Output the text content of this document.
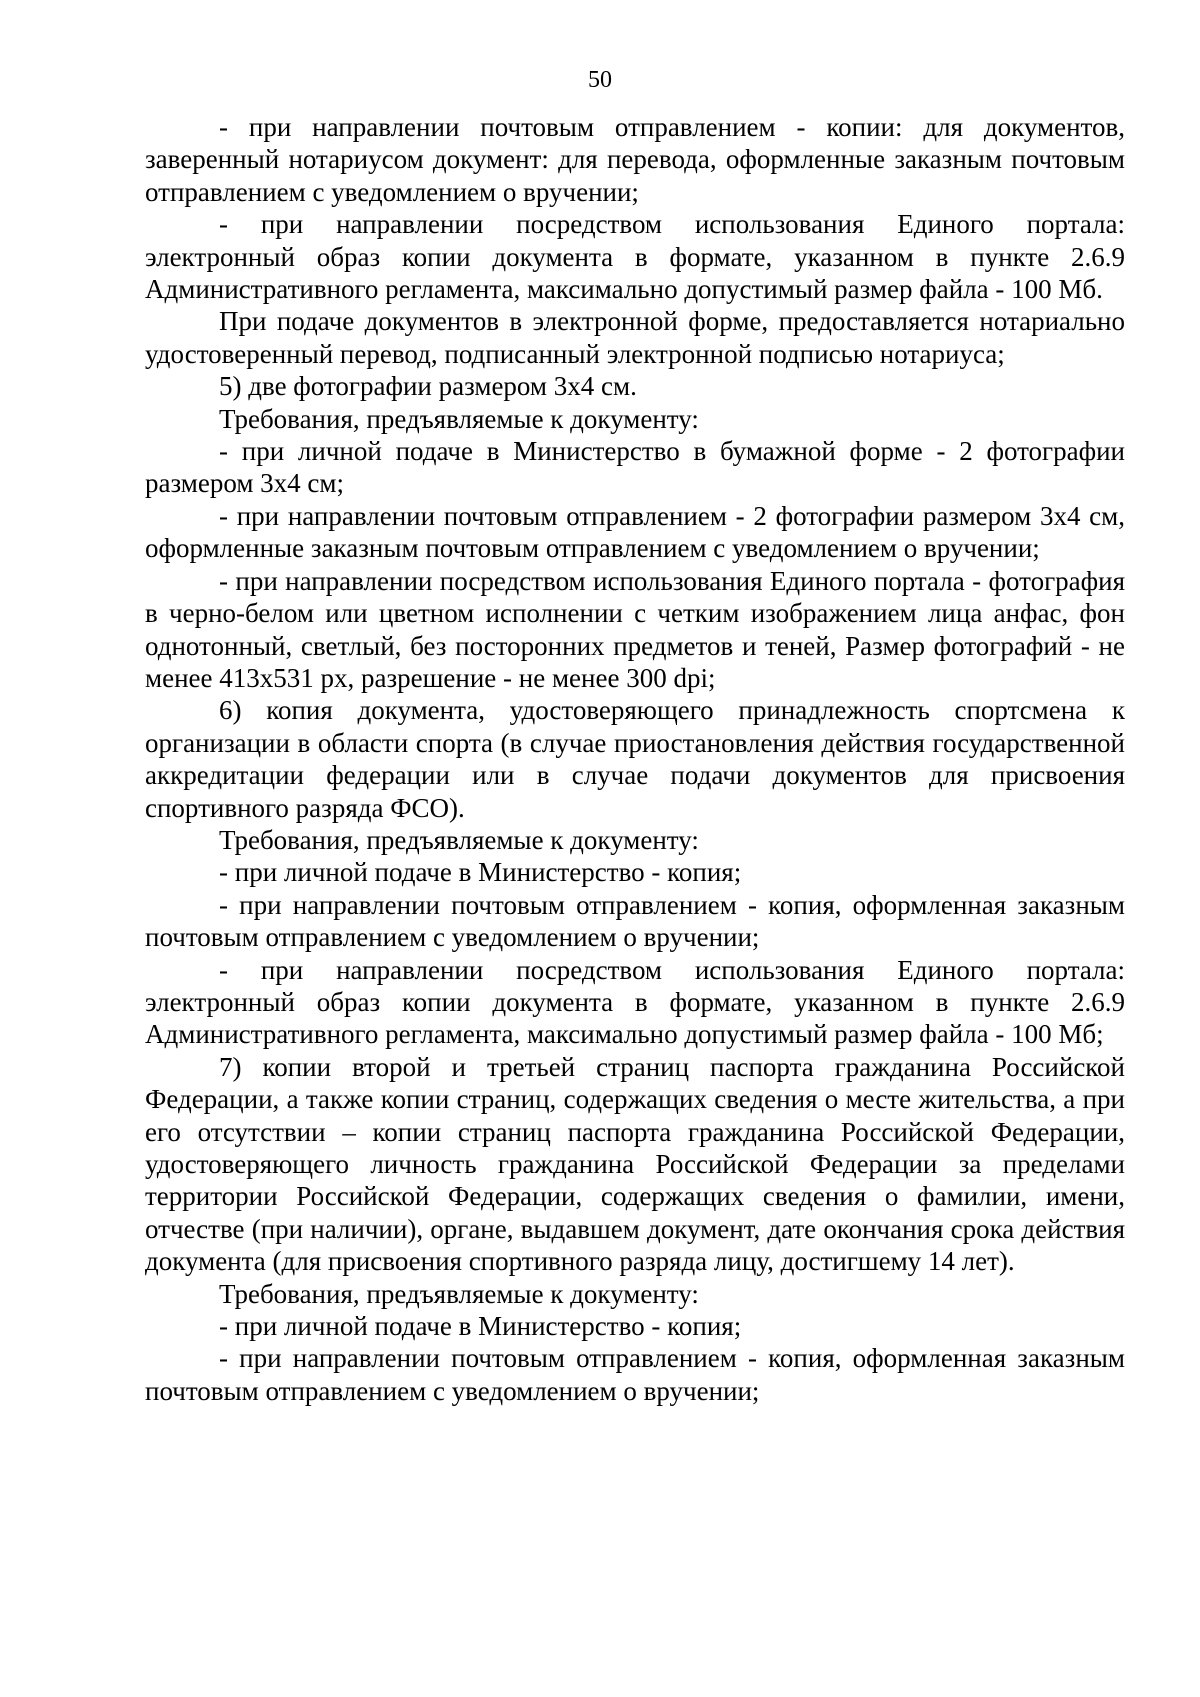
50

- при направлении почтовым отправлением - копии: для документов, заверенный нотариусом документ: для перевода, оформленные заказным почтовым отправлением с уведомлением о вручении;

- при направлении посредством использования Единого портала: электронный образ копии документа в формате, указанном в пункте 2.6.9 Административного регламента, максимально допустимый размер файла - 100 Мб.

При подаче документов в электронной форме, предоставляется нотариально удостоверенный перевод, подписанный электронной подписью нотариуса;

5) две фотографии размером 3х4 см.

Требования, предъявляемые к документу:

- при личной подаче в Министерство в бумажной форме - 2 фотографии размером 3х4 см;

- при направлении почтовым отправлением - 2 фотографии размером 3х4 см, оформленные заказным почтовым отправлением с уведомлением о вручении;

- при направлении посредством использования Единого портала - фотография в черно-белом или цветном исполнении с четким изображением лица анфас, фон однотонный, светлый, без посторонних предметов и теней, Размер фотографий - не менее 413х531 px, разрешение - не менее 300 dpi;

6) копия документа, удостоверяющего принадлежность спортсмена к организации в области спорта (в случае приостановления действия государственной аккредитации федерации или в случае подачи документов для присвоения спортивного разряда ФСО).

Требования, предъявляемые к документу:

- при личной подаче в Министерство - копия;

- при направлении почтовым отправлением - копия, оформленная заказным почтовым отправлением с уведомлением о вручении;

- при направлении посредством использования Единого портала: электронный образ копии документа в формате, указанном в пункте 2.6.9 Административного регламента, максимально допустимый размер файла - 100 Мб;

7) копии второй и третьей страниц паспорта гражданина Российской Федерации, а также копии страниц, содержащих сведения о месте жительства, а при его отсутствии – копии страниц паспорта гражданина Российской Федерации, удостоверяющего личность гражданина Российской Федерации за пределами территории Российской Федерации, содержащих сведения о фамилии, имени, отчестве (при наличии), органе, выдавшем документ, дате окончания срока действия документа (для присвоения спортивного разряда лицу, достигшему 14 лет).

Требования, предъявляемые к документу:

- при личной подаче в Министерство - копия;

- при направлении почтовым отправлением - копия, оформленная заказным почтовым отправлением с уведомлением о вручении;
